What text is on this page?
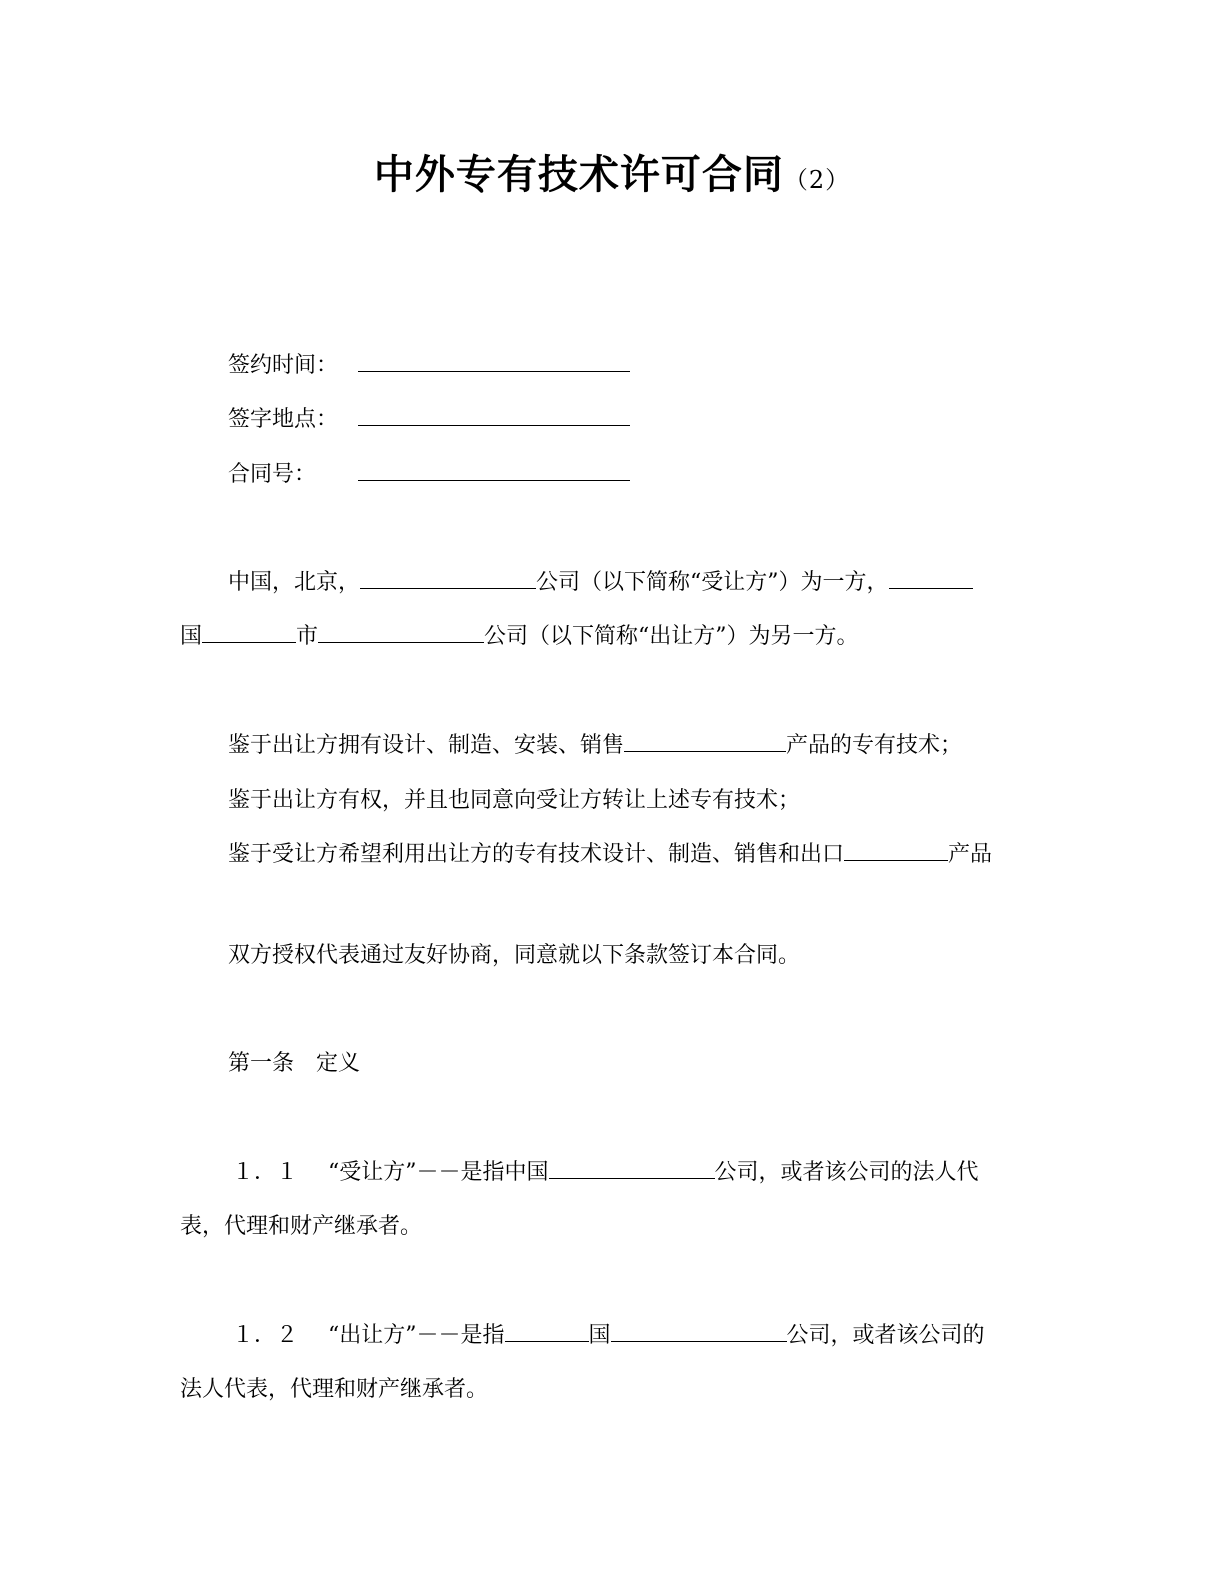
中外专有技术许可合同（2）
签约时间：
签字地点：
合同号：
中国，北京，	公司（以下简称“受让方”）为一方，
国	市	公司（以下简称“出让方”）为另一方。
鉴于出让方拥有设计、制造、安装、销售	产品的专有技术；
鉴于出让方有权，并且也同意向受让方转让上述专有技术；
鉴于受让方希望利用出让方的专有技术设计、制造、销售和出口	产品
双方授权代表通过友好协商，同意就以下条款签订本合同。
第一条　定义
１．１ “受让方”－－是指中国	公司，或者该公司的法人代
表，代理和财产继承者。
１．２ “出让方”－－是指	国	公司，或者该公司的
法人代表，代理和财产继承者。
